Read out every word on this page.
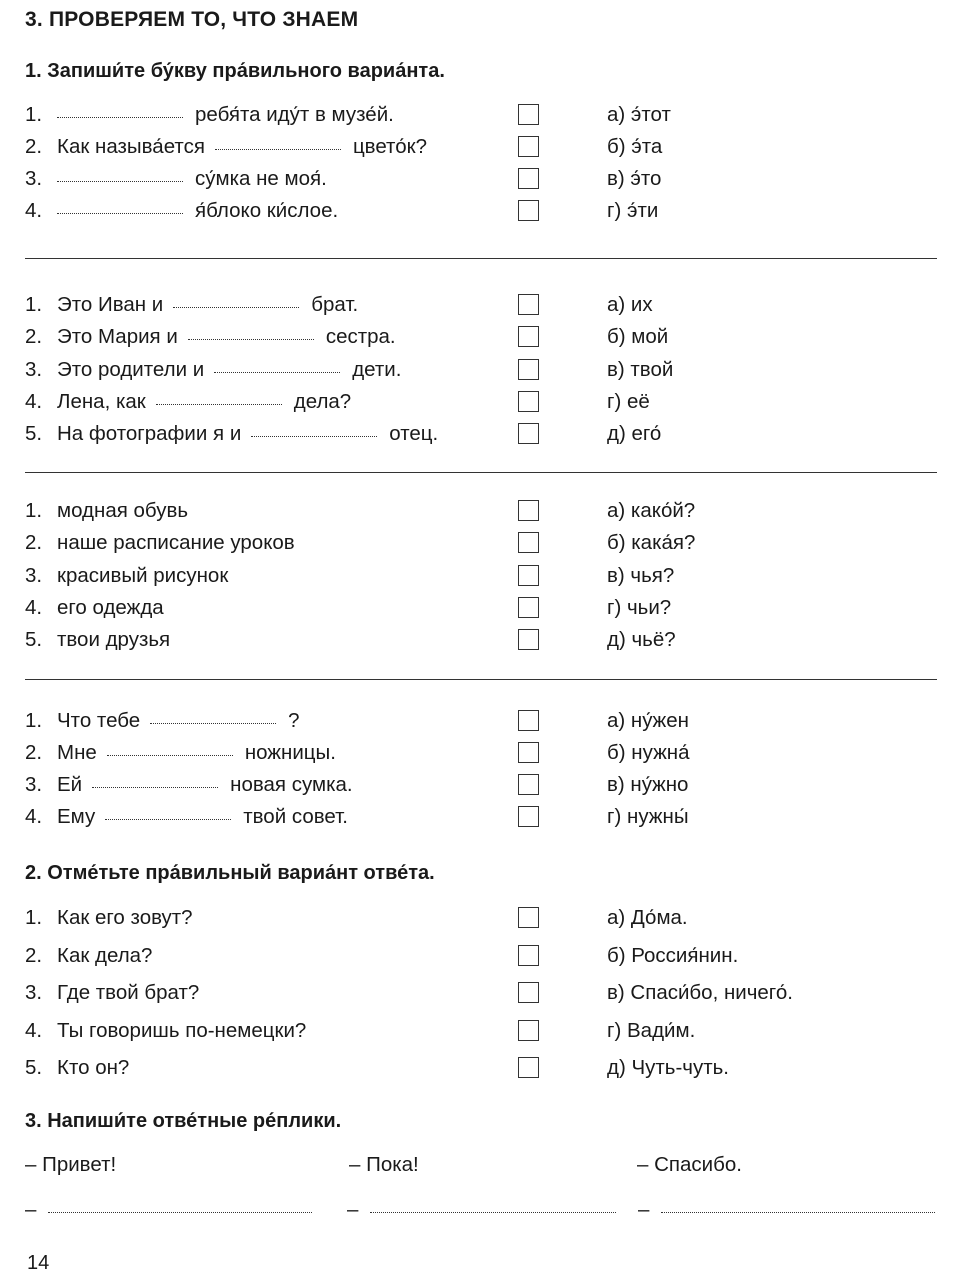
3. ПРОВЕРЯЕМ ТО, ЧТО ЗНАЕМ
1. Запиши́те бу́кву пра́вильного вариа́нта.
1.	ребя́та иду́т в музе́й.	а) э́тот
2. Как называ́ется	цвето́к?	б) э́та
3.	су́мка не моя́.	в) э́то
4.	я́блоко ки́слое.	г) э́ти
1. Это Иван и	брат.	а) их
2. Это Мария и	сестра.	б) мой
3. Это родители и	дети.	в) твой
4. Лена, как	дела?	г) её
5. На фотографии я и	отец.	д) его́
1. модная обувь	а) како́й?
2. наше расписание уроков	б) кака́я?
3. красивый рисунок	в) чья?
4. его одежда	г) чьи?
5. твои друзья	д) чьё?
1. Что тебе	?	а) ну́жен
2. Мне	ножницы.	б) нужна́
3. Ей	новая сумка.	в) ну́жно
4. Ему	твой совет.	г) нужны́
2. Отме́тьте пра́вильный вариа́нт отве́та.
1. Как его зовут?	а) До́ма.
2. Как дела?	б) Россия́нин.
3. Где твой брат?	в) Спаси́бо, ничего́.
4. Ты говоришь по-немецки?	г) Вади́м.
5. Кто он?	д) Чуть-чуть.
3. Напиши́те отве́тные ре́плики.
– Привет!	– Пока!	– Спасибо.
–	–	–
14
